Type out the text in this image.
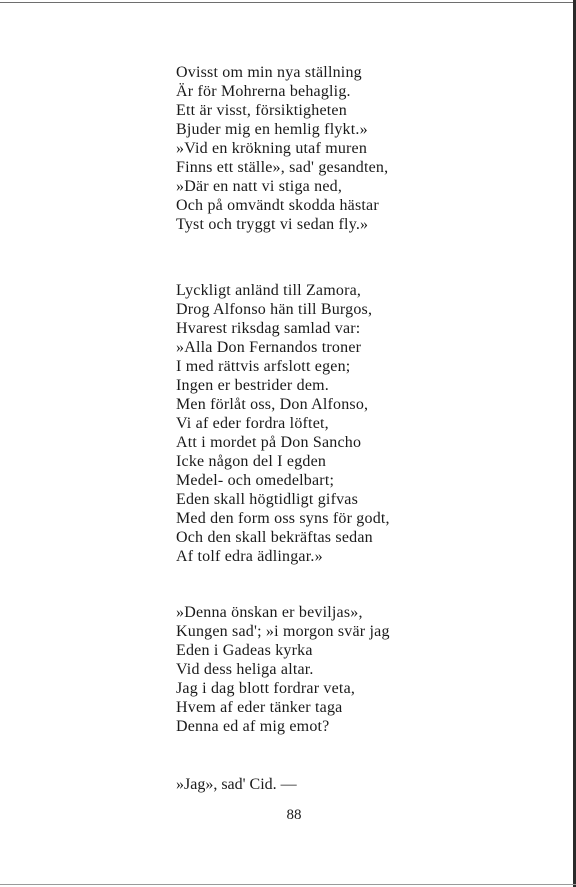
Ovisst om min nya ställning
Är för Mohrerna behaglig.
Ett är visst, försiktigheten
Bjuder mig en hemlig flykt.»
»Vid en krökning utaf muren
Finns ett ställe», sad' gesandten,
»Där en natt vi stiga ned,
Och på omvändt skodda hästar
Tyst och tryggt vi sedan fly.»
Lyckligt anländ till Zamora,
Drog Alfonso hän till Burgos,
Hvarest riksdag samlad var:
»Alla Don Fernandos troner
I med rättvis arfslott egen;
Ingen er bestrider dem.
Men förlåt oss, Don Alfonso,
Vi af eder fordra löftet,
Att i mordet på Don Sancho
Icke någon del I egden
Medel- och omedelbart;
Eden skall högtidligt gifvas
Med den form oss syns för godt,
Och den skall bekräftas sedan
Af tolf edra ädlingar.»
»Denna önskan er beviljas»,
Kungen sad'; »i morgon svär jag
Eden i Gadeas kyrka
Vid dess heliga altar.
Jag i dag blott fordrar veta,
Hvem af eder tänker taga
Denna ed af mig emot?
»Jag», sad' Cid. —
88
